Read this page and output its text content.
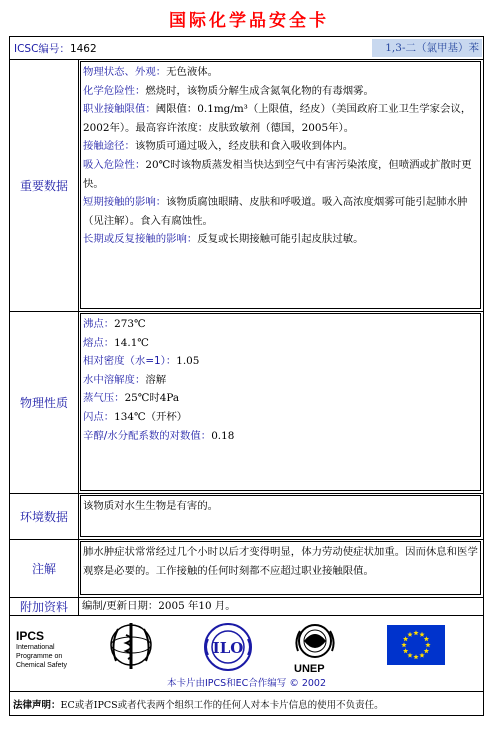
国际化学品安全卡
ICSC编号：1462	1,3-二（氯甲基）苯
重要数据
物理状态、外观：无色液体。
化学危险性：燃烧时，该物质分解生成含氮氧化物的有毒烟雾。
职业接触限值：阈限值：0.1mg/m³（上限值，经皮）（美国政府工业卫生学家会议，2002年）。最高容许浓度：皮肤致敏剂（德国，2005年）。
接触途径：该物质可通过吸入，经皮肤和食入吸收到体内。
吸入危险性：20℃时该物质蒸发相当快达到空气中有害污染浓度，但喷洒或扩散时更快。
短期接触的影响：该物质腐蚀眼睛、皮肤和呼吸道。吸入高浓度烟雾可能引起肺水肿（见注解）。食入有腐蚀性。
长期或反复接触的影响：反复或长期接触可能引起皮肤过敏。
物理性质
沸点：273℃
熔点：14.1℃
相对密度（水=1）：1.05
水中溶解度：溶解
蒸气压：25℃时4Pa
闪点：134℃（开杯）
辛醇/水分配系数的对数值：0.18
环境数据
该物质对水生生物是有害的。
注解
肺水肿症状常常经过几个小时以后才变得明显，体力劳动使症状加重。因而休息和医学观察是必要的。工作接触的任何时刻都不应超过职业接触限值。
附加资料	编制/更新日期：2005 年10 月。
IPCS
International
Programme on
Chemical Safety
ILO
UNEP
本卡片由IPCS和EC合作编写 © 2002
法律声明：EC或者IPCS或者代表两个组织工作的任何人对本卡片信息的使用不负责任。
